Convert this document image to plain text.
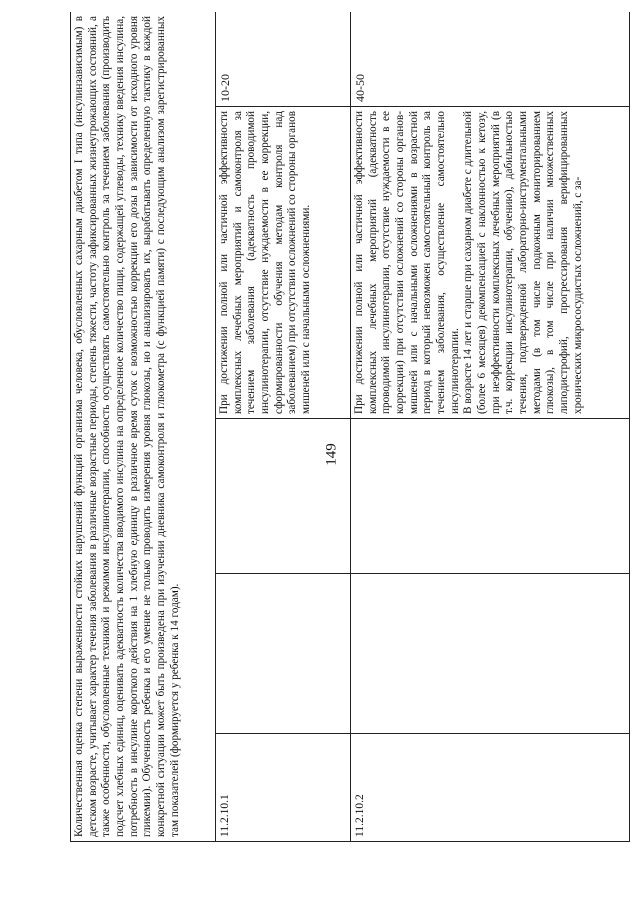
149
Количественная оценка степени выраженности стойких нарушений функций организма человека, обусловленных сахарным диабетом I типа (инсулинзависимым) в детском возрасте, учитывает характер течения заболевания в различные возрастные периоды, степень тяжести, частоту зафиксированных жизнеугрожающих состояний, а также особенности, обусловленные техникой и режимом инсулинотерапии, способность осуществлять самостоятельно контроль за течением заболевания (производить подсчет хлебных единиц, оценивать адекватность количества вводимого инсулина на определенное количество пищи, содержащей углеводы, технику введения инсулина, потребность в инсулине короткого действия на 1 хлебную единицу в различное время суток с возможностью коррекции его дозы в зависимости от исходного уровня гликемии). Обученность ребенка и его умение не только проводить измерения уровня глюкозы, но и анализировать их, вырабатывать определенную тактику в каждой конкретной ситуации может быть произведена при изучении дневника самоконтроля и глюкометра (с функцией памяти) с последующим анализом зарегистрированных там показателей (формируется у ребенка к 14 годам).				
11.2.10.1			При достижении полной или частичной эффективности комплексных лечебных мероприятий и самоконтроля за течением заболевания (адекватность проводимой инсулинотерапии, отсутствие нуждаемости в ее коррекции, сформированности обучения методам контроля над заболеванием) при отсутствии осложнений со стороны органов мишеней или с начальными осложнениями.	10-20
11.2.10.2			При достижении полной или частичной эффективности комплексных лечебных мероприятий (адекватность проводимой инсулинотерапии, отсутствие нуждаемости в ее коррекции) при отсутствии осложнений со стороны органов-мишеней или с начальными осложнениями в возрастной период в который невозможен самостоятельный контроль за течением заболевания, осуществление самостоятельно инсулинотерапии. В возрасте 14 лет и старше при сахарном диабете с длительной (более 6 месяцев) декомпенсацией с наклонностью к кетозу, при неэффективности комплексных лечебных мероприятий (в т.ч. коррекции инсулинотерапии, обучению), дабильностью течения, подтвержденной лабораторно-инструментальными методами (в том числе подкожным мониторированием глюкозы), в том числе при наличии множественных липодистрофий, прогрессирования верифицированных хронических микрососудистых осложнений, с за-	40-50
